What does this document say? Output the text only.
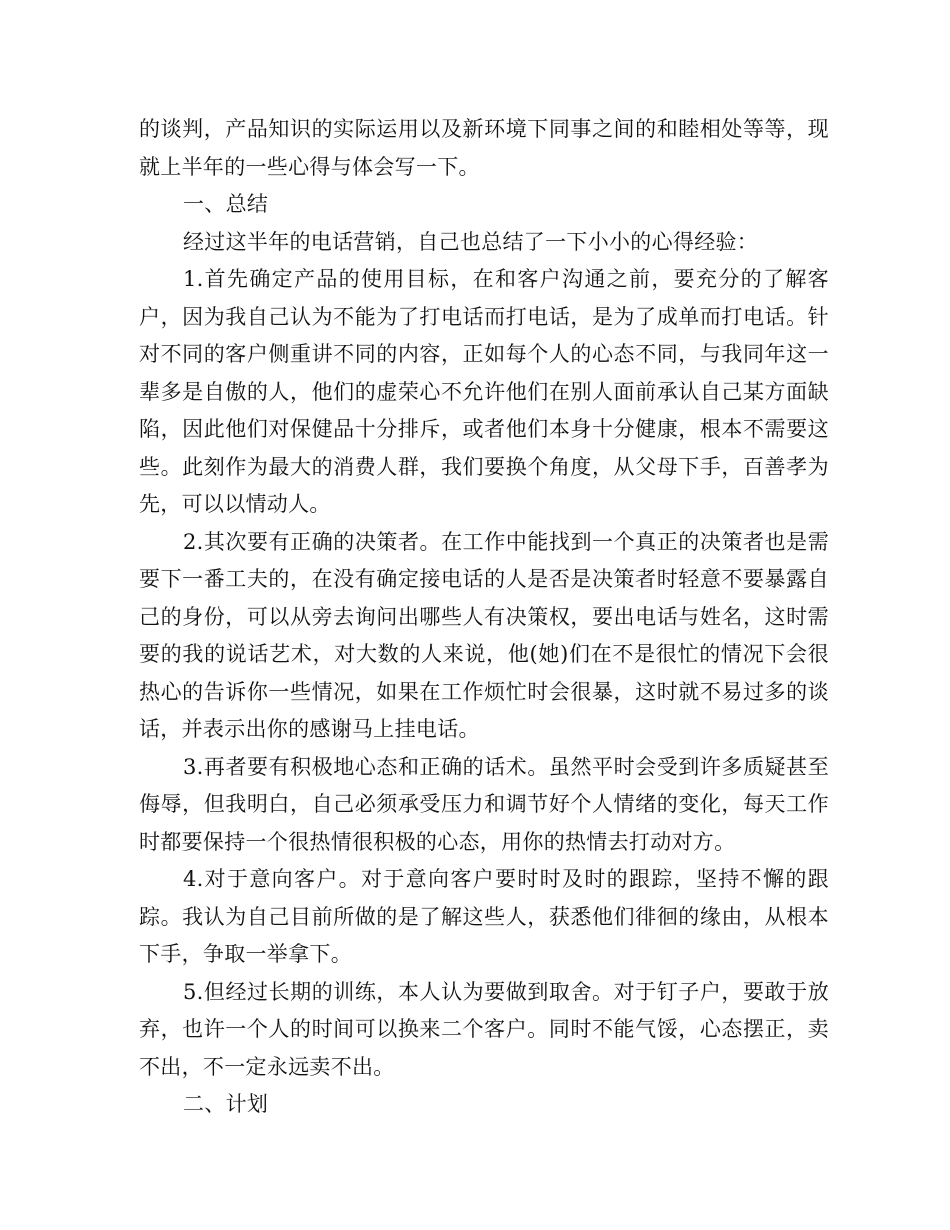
的谈判，产品知识的实际运用以及新环境下同事之间的和睦相处等等，现就上半年的一些心得与体会写一下。

一、总结

经过这半年的电话营销，自己也总结了一下小小的心得经验：

1.首先确定产品的使用目标，在和客户沟通之前，要充分的了解客户，因为我自己认为不能为了打电话而打电话，是为了成单而打电话。针对不同的客户侧重讲不同的内容，正如每个人的心态不同，与我同年这一辈多是自傲的人，他们的虚荣心不允许他们在别人面前承认自己某方面缺陷，因此他们对保健品十分排斥，或者他们本身十分健康，根本不需要这些。此刻作为最大的消费人群，我们要换个角度，从父母下手，百善孝为先，可以以情动人。

2.其次要有正确的决策者。在工作中能找到一个真正的决策者也是需要下一番工夫的，在没有确定接电话的人是否是决策者时轻意不要暴露自己的身份，可以从旁去询问出哪些人有决策权，要出电话与姓名，这时需要的我的说话艺术，对大数的人来说，他(她)们在不是很忙的情况下会很热心的告诉你一些情况，如果在工作烦忙时会很暴，这时就不易过多的谈话，并表示出你的感谢马上挂电话。

3.再者要有积极地心态和正确的话术。虽然平时会受到许多质疑甚至侮辱，但我明白，自己必须承受压力和调节好个人情绪的变化，每天工作时都要保持一个很热情很积极的心态，用你的热情去打动对方。

4.对于意向客户。对于意向客户要时时及时的跟踪，坚持不懈的跟踪。我认为自己目前所做的是了解这些人，获悉他们徘徊的缘由，从根本下手，争取一举拿下。

5.但经过长期的训练，本人认为要做到取舍。对于钉子户，要敢于放弃，也许一个人的时间可以换来二个客户。同时不能气馁，心态摆正，卖不出，不一定永远卖不出。

二、计划
